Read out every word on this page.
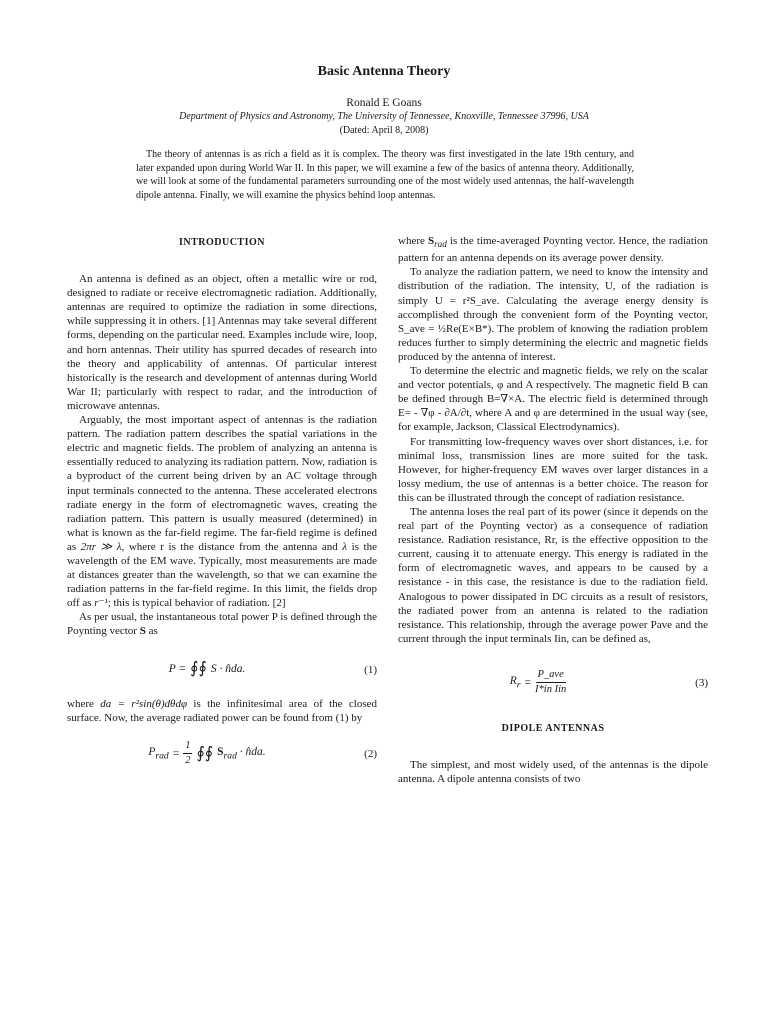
Basic Antenna Theory
Ronald E Goans
Department of Physics and Astronomy, The University of Tennessee, Knoxville, Tennessee 37996, USA
(Dated: April 8, 2008)
The theory of antennas is as rich a field as it is complex. The theory was first investigated in the late 19th century, and later expanded upon during World War II. In this paper, we will examine a few of the basics of antenna theory. Additionally, we will look at some of the fundamental parameters surrounding one of the most widely used antennas, the half-wavelength dipole antenna. Finally, we will examine the physics behind loop antennas.
INTRODUCTION

An antenna is defined as an object, often a metallic wire or rod, designed to radiate or receive electromagnetic radiation. Additionally, antennas are required to optimize the radiation in some directions, while suppressing it in others. [1] Antennas may take several different forms, depending on the particular need. Examples include wire, loop, and horn antennas. Their utility has spurred decades of research into the theory and applicability of antennas. Of particular interest historically is the research and development of antennas during World War II; particularly with respect to radar, and the introduction of microwave antennas.

Arguably, the most important aspect of antennas is the radiation pattern. The radiation pattern describes the spatial variations in the electric and magnetic fields. The problem of analyzing an antenna is essentially reduced to analyzing its radiation pattern. Now, radiation is a byproduct of the current being driven by an AC voltage through input terminals connected to the antenna. These accelerated electrons radiate energy in the form of electromagnetic waves, creating the radiation pattern. This pattern is usually measured (determined) in what is known as the far-field regime. The far-field regime is defined as 2πr ≫ λ, where r is the distance from the antenna and λ is the wavelength of the EM wave. Typically, most measurements are made at distances greater than the wavelength, so that we can examine the radiation patterns in the far-field regime. In this limit, the fields drop off as r⁻¹; this is typical behavior of radiation. [2]

As per usual, the instantaneous total power P is defined through the Poynting vector S as

P = ∮∮ S · n̂da.	(1)

where da = r²sin(θ)dθdφ is the infinitesimal area of the closed surface. Now, the average radiated power can be found from (1) by

$P_{rad} = \frac{1}{2}$ ∮∮ $S_{rad}$ · n̂da.	(2)

where $S_{rad}$ is the time-averaged Poynting vector. Hence, the radiation pattern for an antenna depends on its average power density.

To analyze the radiation pattern, we need to know the intensity and distribution of the radiation. The intensity, U, of the radiation is simply U = r²S_ave. Calculating the average energy density is accomplished through the convenient form of the Poynting vector, S_ave = ½Re(E×B*). The problem of knowing the radiation problem reduces further to simply determining the electric and magnetic fields produced by the antenna of interest.

To determine the electric and magnetic fields, we rely on the scalar and vector potentials, φ and A respectively. The magnetic field B can be defined through B=∇×A. The electric field is determined through E= - ∇φ - ∂A/∂t, where A and φ are determined in the usual way (see, for example, Jackson, Classical Electrodynamics).

For transmitting low-frequency waves over short distances, i.e. for minimal loss, transmission lines are more suited for the task. However, for higher-frequency EM waves over larger distances in a lossy medium, the use of antennas is a better choice. The reason for this can be illustrated through the concept of radiation resistance.

The antenna loses the real part of its power (since it depends on the real part of the Poynting vector) as a consequence of radiation resistance. Radiation resistance, Rr, is the effective opposition to the current, causing it to attenuate energy. This energy is radiated in the form of electromagnetic waves, and appears to be caused by a resistance - in this case, the resistance is due to the radiation field. Analogous to power dissipated in DC circuits as a result of resistors, the radiated power from an antenna is related to the radiation resistance. This relationship, through the average power Pave and the current through the input terminals Iin, can be defined as,

$R_r = \frac{\text{P\_ave}}{\text{I*in Iin}}$	(3)
DIPOLE ANTENNAS

The simplest, and most widely used, of the antennas is the dipole antenna. A dipole antenna consists of two
